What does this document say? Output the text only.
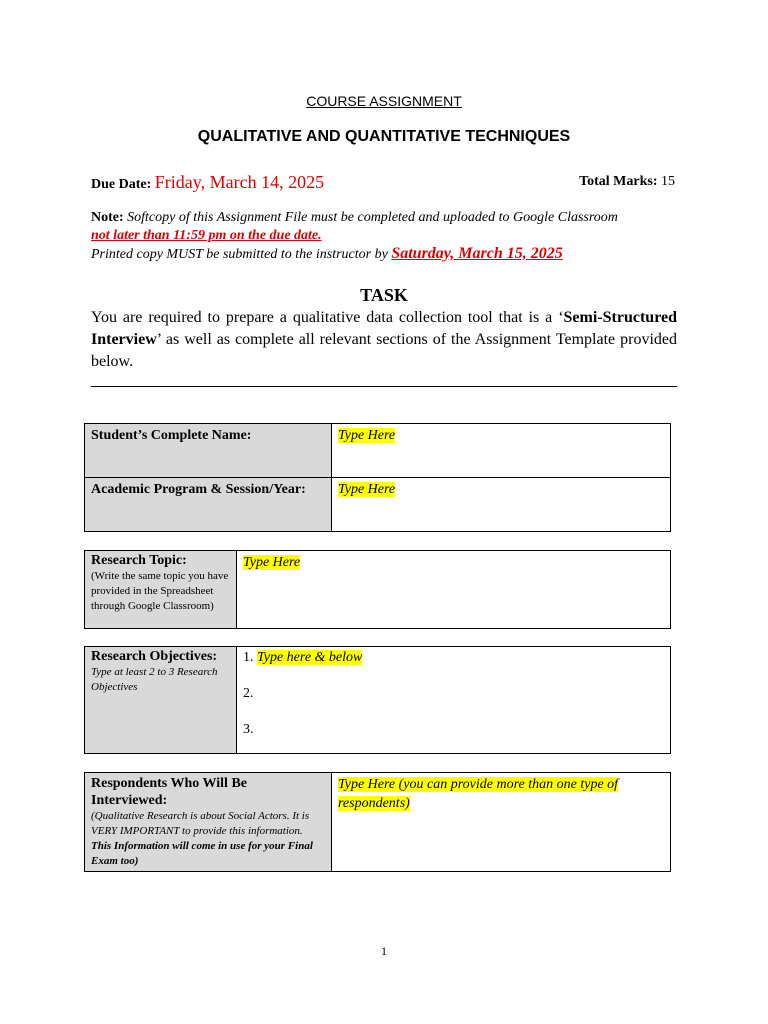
COURSE ASSIGNMENT
QUALITATIVE AND QUANTITATIVE TECHNIQUES
Due Date: Friday, March 14, 2025	Total Marks: 15
Note: Softcopy of this Assignment File must be completed and uploaded to Google Classroom
not later than 11:59 pm on the due date.
Printed copy MUST be submitted to the instructor by Saturday, March 15, 2025
TASK
You are required to prepare a qualitative data collection tool that is a ‘Semi-Structured Interview’ as well as complete all relevant sections of the Assignment Template provided below.
Student’s Complete Name:	Type Here
Academic Program & Session/Year:	Type Here
Research Topic:
(Write the same topic you have provided in the Spreadsheet through Google Classroom)
	Type Here
Research Objectives:
Type at least 2 to 3 Research Objectives

1. Type here & below
2.
3.
Respondents Who Will Be Interviewed:
(Qualitative Research is about Social Actors. It is VERY IMPORTANT to provide this information. This Information will come in use for your Final Exam too)
	Type Here (you can provide more than one type of respondents)
1
